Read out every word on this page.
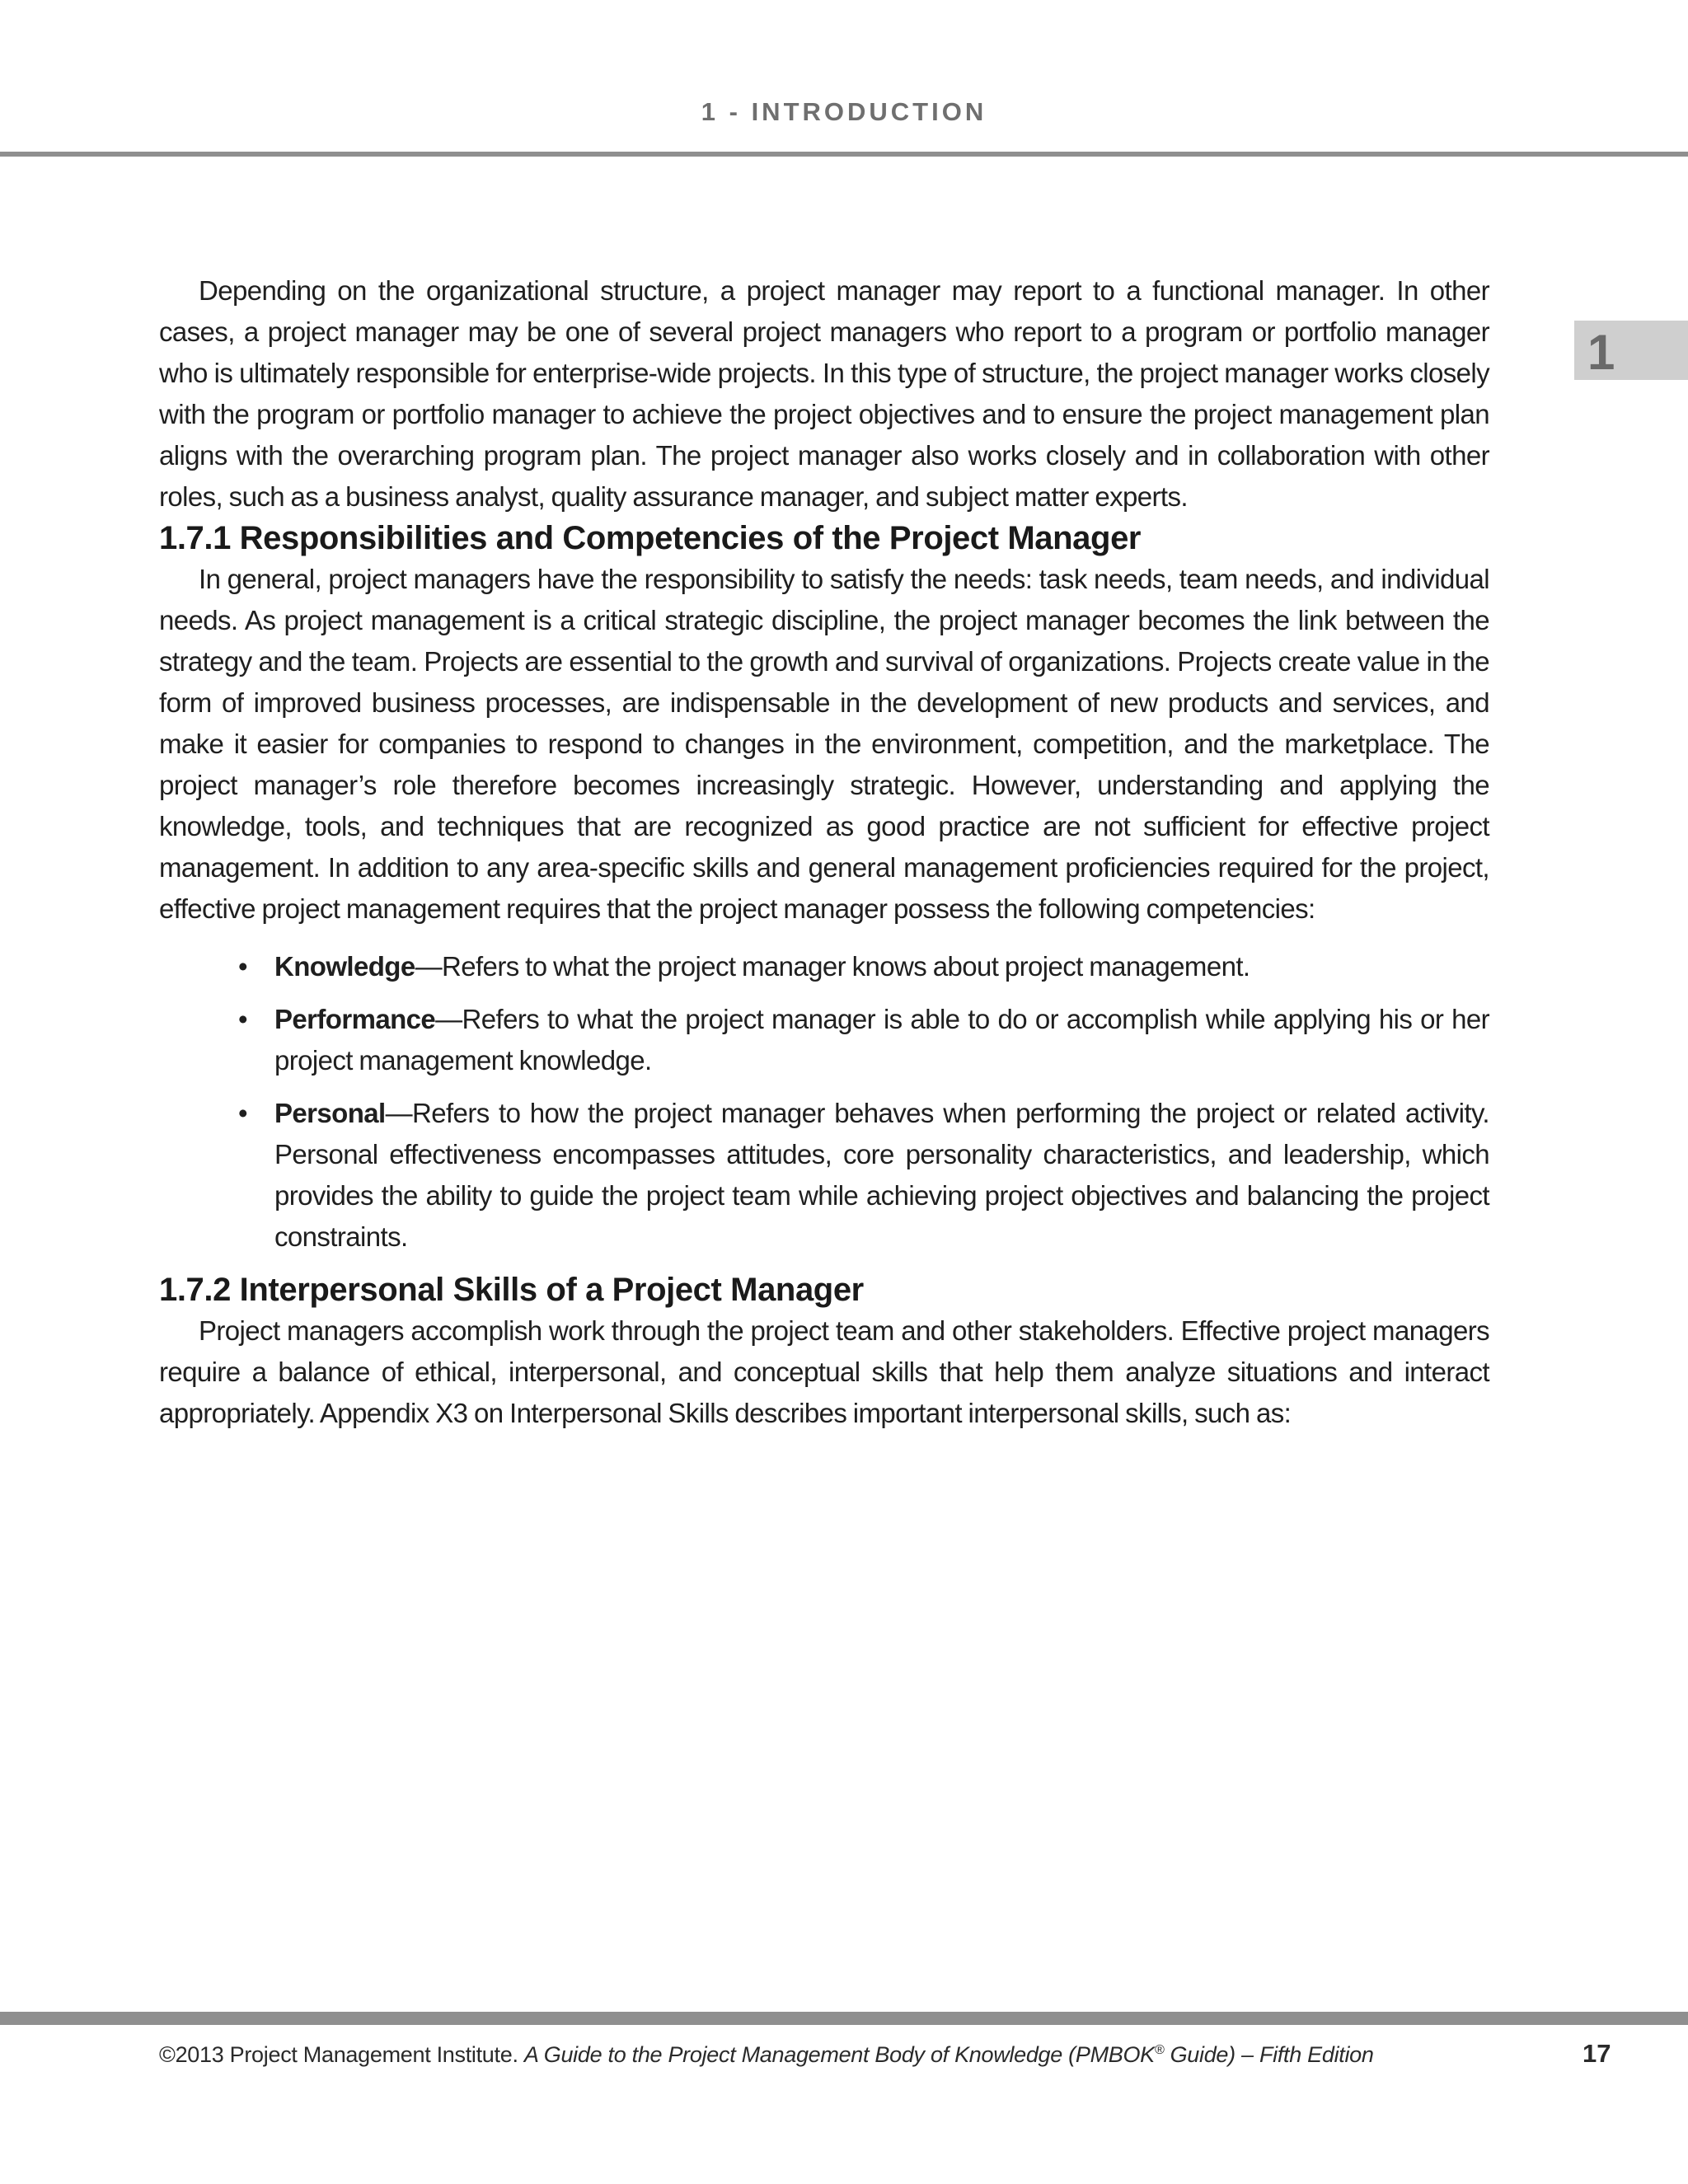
1 - INTRODUCTION
1

Depending on the organizational structure, a project manager may report to a functional manager. In other cases, a project manager may be one of several project managers who report to a program or portfolio manager who is ultimately responsible for enterprise-wide projects. In this type of structure, the project manager works closely with the program or portfolio manager to achieve the project objectives and to ensure the project management plan aligns with the overarching program plan. The project manager also works closely and in collaboration with other roles, such as a business analyst, quality assurance manager, and subject matter experts.

1.7.1 Responsibilities and Competencies of the Project Manager

In general, project managers have the responsibility to satisfy the needs: task needs, team needs, and individual needs. As project management is a critical strategic discipline, the project manager becomes the link between the strategy and the team. Projects are essential to the growth and survival of organizations. Projects create value in the form of improved business processes, are indispensable in the development of new products and services, and make it easier for companies to respond to changes in the environment, competition, and the marketplace. The project manager’s role therefore becomes increasingly strategic. However, understanding and applying the knowledge, tools, and techniques that are recognized as good practice are not sufficient for effective project management. In addition to any area-specific skills and general management proficiencies required for the project, effective project management requires that the project manager possess the following competencies:

• Knowledge—Refers to what the project manager knows about project management.
• Performance—Refers to what the project manager is able to do or accomplish while applying his or her project management knowledge.
• Personal—Refers to how the project manager behaves when performing the project or related activity. Personal effectiveness encompasses attitudes, core personality characteristics, and leadership, which provides the ability to guide the project team while achieving project objectives and balancing the project constraints.
1.7.2 Interpersonal Skills of a Project Manager

Project managers accomplish work through the project team and other stakeholders. Effective project managers require a balance of ethical, interpersonal, and conceptual skills that help them analyze situations and interact appropriately. Appendix X3 on Interpersonal Skills describes important interpersonal skills, such as:

©2013 Project Management Institute. A Guide to the Project Management Body of Knowledge (PMBOK® Guide) – Fifth Edition	17
